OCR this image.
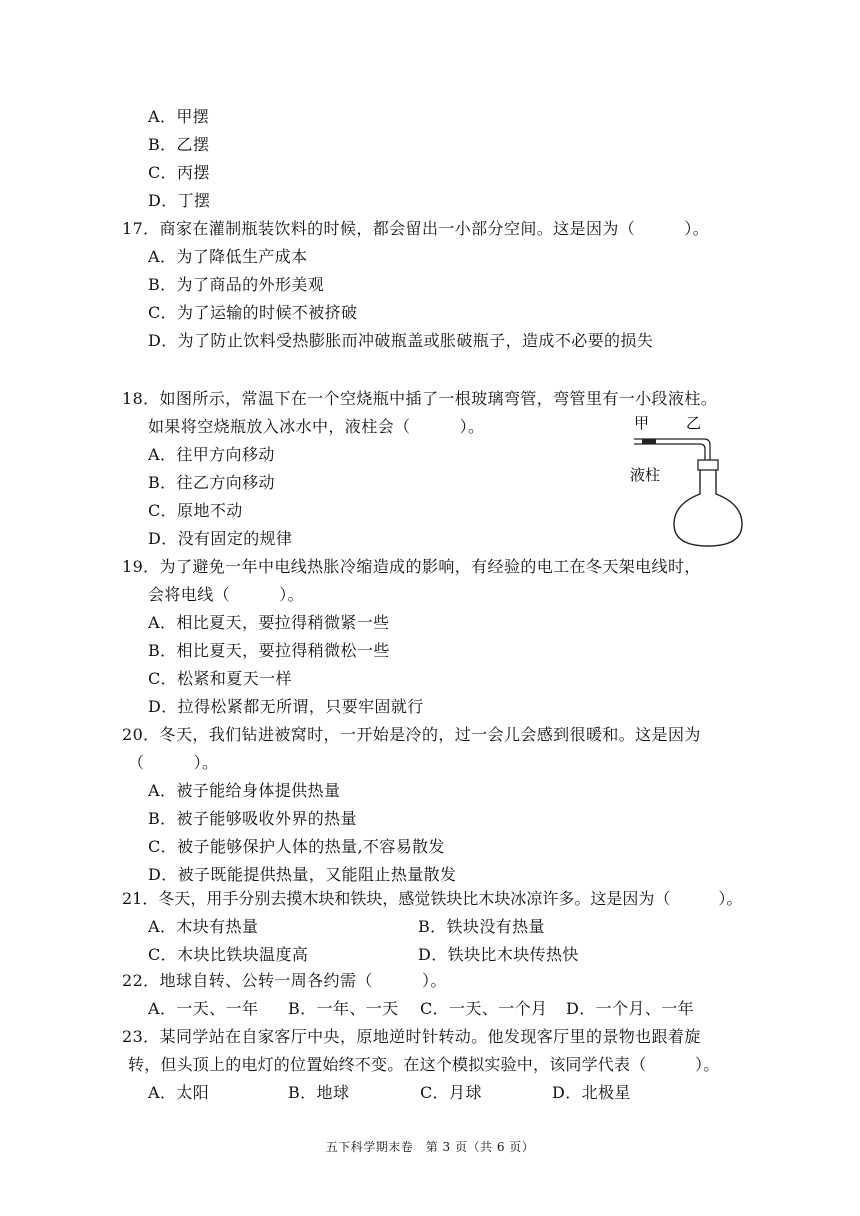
A．甲摆
B．乙摆
C．丙摆
D．丁摆
17．商家在灌制瓶装饮料的时候，都会留出一小部分空间。这是因为（　　　）。
A．为了降低生产成本
B．为了商品的外形美观
C．为了运输的时候不被挤破
D．为了防止饮料受热膨胀而冲破瓶盖或胀破瓶子，造成不必要的损失
18．如图所示，常温下在一个空烧瓶中插了一根玻璃弯管，弯管里有一小段液柱。
如果将空烧瓶放入冰水中，液柱会（　　　）。
A．往甲方向移动
B．往乙方向移动
C．原地不动
D．没有固定的规律
甲 乙
液柱
19．为了避免一年中电线热胀冷缩造成的影响，有经验的电工在冬天架电线时，
会将电线（　　　）。
A．相比夏天，要拉得稍微紧一些
B．相比夏天，要拉得稍微松一些
C．松紧和夏天一样
D．拉得松紧都无所谓，只要牢固就行
20．冬天，我们钻进被窝时，一开始是冷的，过一会儿会感到很暖和。这是因为
（　　　）。
A．被子能给身体提供热量
B．被子能够吸收外界的热量
C．被子能够保护人体的热量,不容易散发
D．被子既能提供热量，又能阻止热量散发
21．冬天，用手分别去摸木块和铁块，感觉铁块比木块冰凉许多。这是因为（　　　）。
A．木块有热量	B．铁块没有热量
C．木块比铁块温度高	D．铁块比木块传热快
22．地球自转、公转一周各约需（　　　）。
A．一天、一年 B．一年、一天 C．一天、一个月 D．一个月、一年
23．某同学站在自家客厅中央，原地逆时针转动。他发现客厅里的景物也跟着旋
转，但头顶上的电灯的位置始终不变。在这个模拟实验中，该同学代表（　　　）。
A．太阳	B．地球	C．月球	D．北极星
五下科学期末卷　第 3 页（共 6 页）
